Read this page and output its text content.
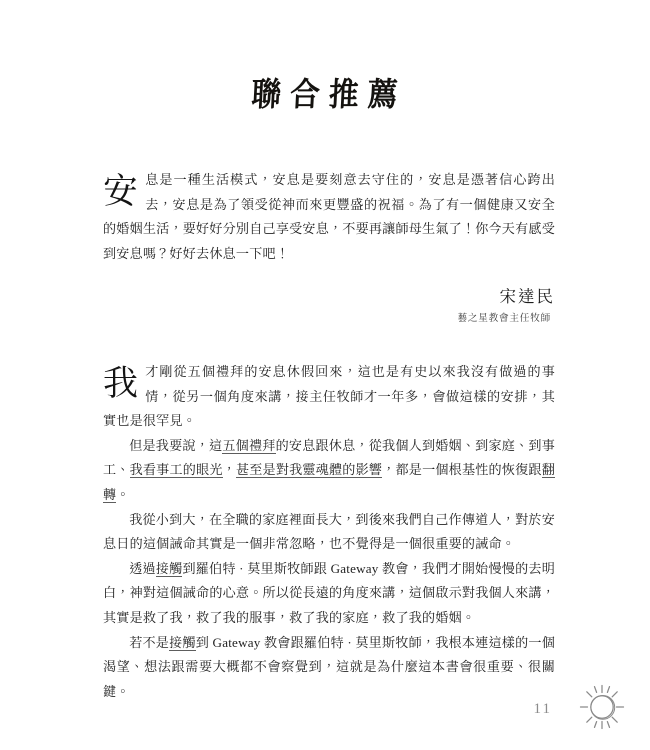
聯合推薦

安息是一種生活模式，安息是要刻意去守住的，安息是憑著信心跨出去，安息是為了領受從神而來更豐盛的祝福。為了有一個健康又安全的婚姻生活，要好好分別自己享受安息，不要再讓師母生氣了！你今天有感受到安息嗎？好好去休息一下吧！

宋達民
藝之星教會主任牧師

我才剛從五個禮拜的安息休假回來，這也是有史以來我沒有做過的事情，從另一個角度來講，接主任牧師才一年多，會做這樣的安排，其實也是很罕見。

但是我要說，這五個禮拜的安息跟休息，從我個人到婚姻、到家庭、到事工、我看事工的眼光，甚至是對我靈魂體的影響，都是一個根基性的恢復跟翻轉。

我從小到大，在全職的家庭裡面長大，到後來我們自己作傳道人，對於安息日的這個誡命其實是一個非常忽略，也不覺得是一個很重要的誡命。

透過接觸到羅伯特 · 莫里斯牧師跟 Gateway 教會，我們才開始慢慢的去明白，神對這個誡命的心意。所以從長遠的角度來講，這個啟示對我個人來講，其實是救了我，救了我的服事，救了我的家庭，救了我的婚姻。

若不是接觸到 Gateway 教會跟羅伯特 · 莫里斯牧師，我根本連這樣的一個渴望、想法跟需要大概都不會察覺到，這就是為什麼這本書會很重要、很關鍵。

11
